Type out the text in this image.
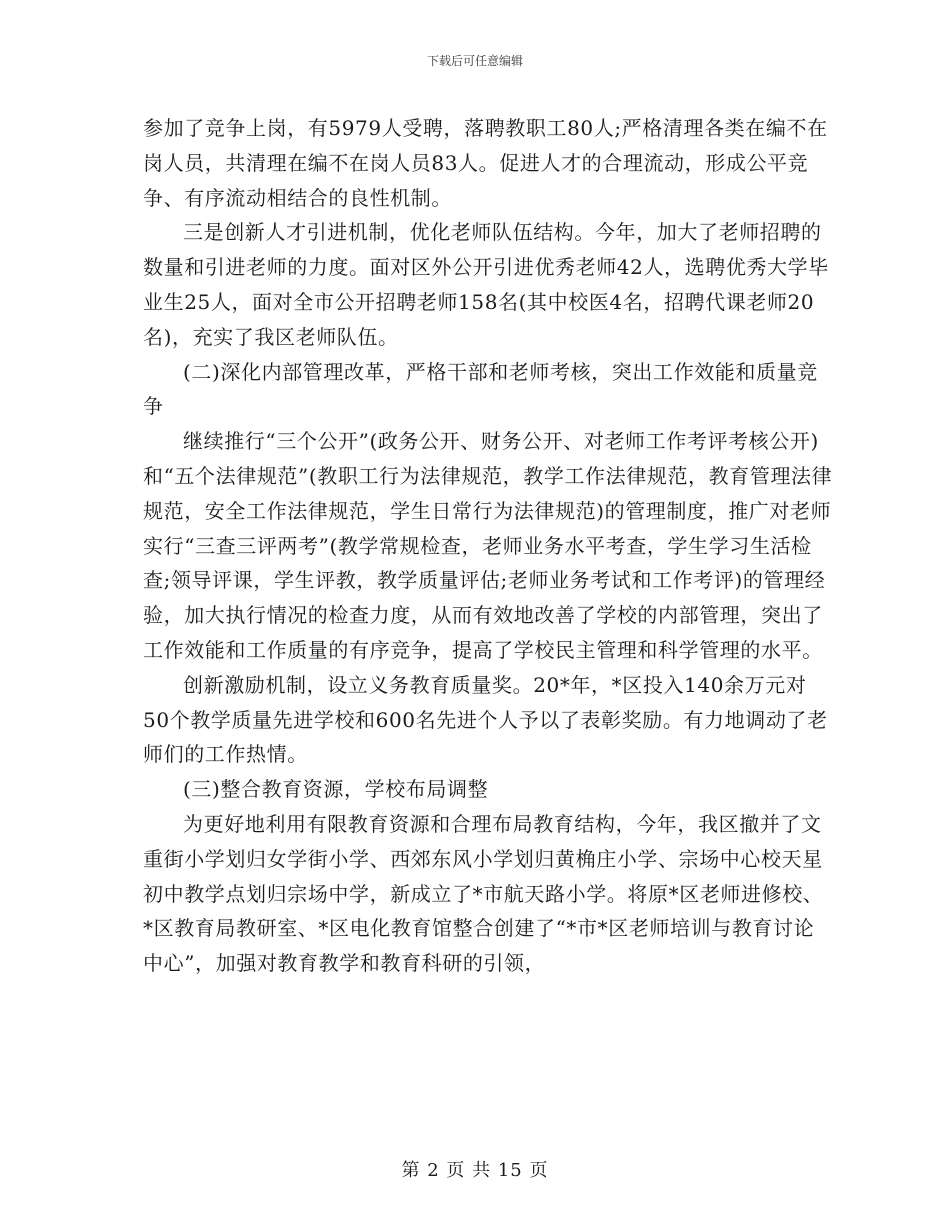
下载后可任意编辑

参加了竞争上岗，有5979人受聘，落聘教职工80人;严格清理各类在编不在岗人员，共清理在编不在岗人员83人。促进人才的合理流动，形成公平竞争、有序流动相结合的良性机制。

三是创新人才引进机制，优化老师队伍结构。今年，加大了老师招聘的数量和引进老师的力度。面对区外公开引进优秀老师42人，选聘优秀大学毕业生25人，面对全市公开招聘老师158名(其中校医4名，招聘代课老师20名)，充实了我区老师队伍。

(二)深化内部管理改革，严格干部和老师考核，突出工作效能和质量竞争

继续推行“三个公开”(政务公开、财务公开、对老师工作考评考核公开)和“五个法律规范”(教职工行为法律规范，教学工作法律规范，教育管理法律规范，安全工作法律规范，学生日常行为法律规范)的管理制度，推广对老师实行“三查三评两考”(教学常规检查，老师业务水平考查，学生学习生活检查;领导评课，学生评教，教学质量评估;老师业务考试和工作考评)的管理经验，加大执行情况的检查力度，从而有效地改善了学校的内部管理，突出了工作效能和工作质量的有序竞争，提高了学校民主管理和科学管理的水平。

创新激励机制，设立义务教育质量奖。20*年，*区投入140余万元对50个教学质量先进学校和600名先进个人予以了表彰奖励。有力地调动了老师们的工作热情。

(三)整合教育资源，学校布局调整

为更好地利用有限教育资源和合理布局教育结构，今年，我区撤并了文重街小学划归女学街小学、西郊东风小学划归黄桷庄小学、宗场中心校天星初中教学点划归宗场中学，新成立了*市航天路小学。将原*区老师进修校、*区教育局教研室、*区电化教育馆整合创建了“*市*区老师培训与教育讨论中心”，加强对教育教学和教育科研的引领，

第 2 页 共 15 页
